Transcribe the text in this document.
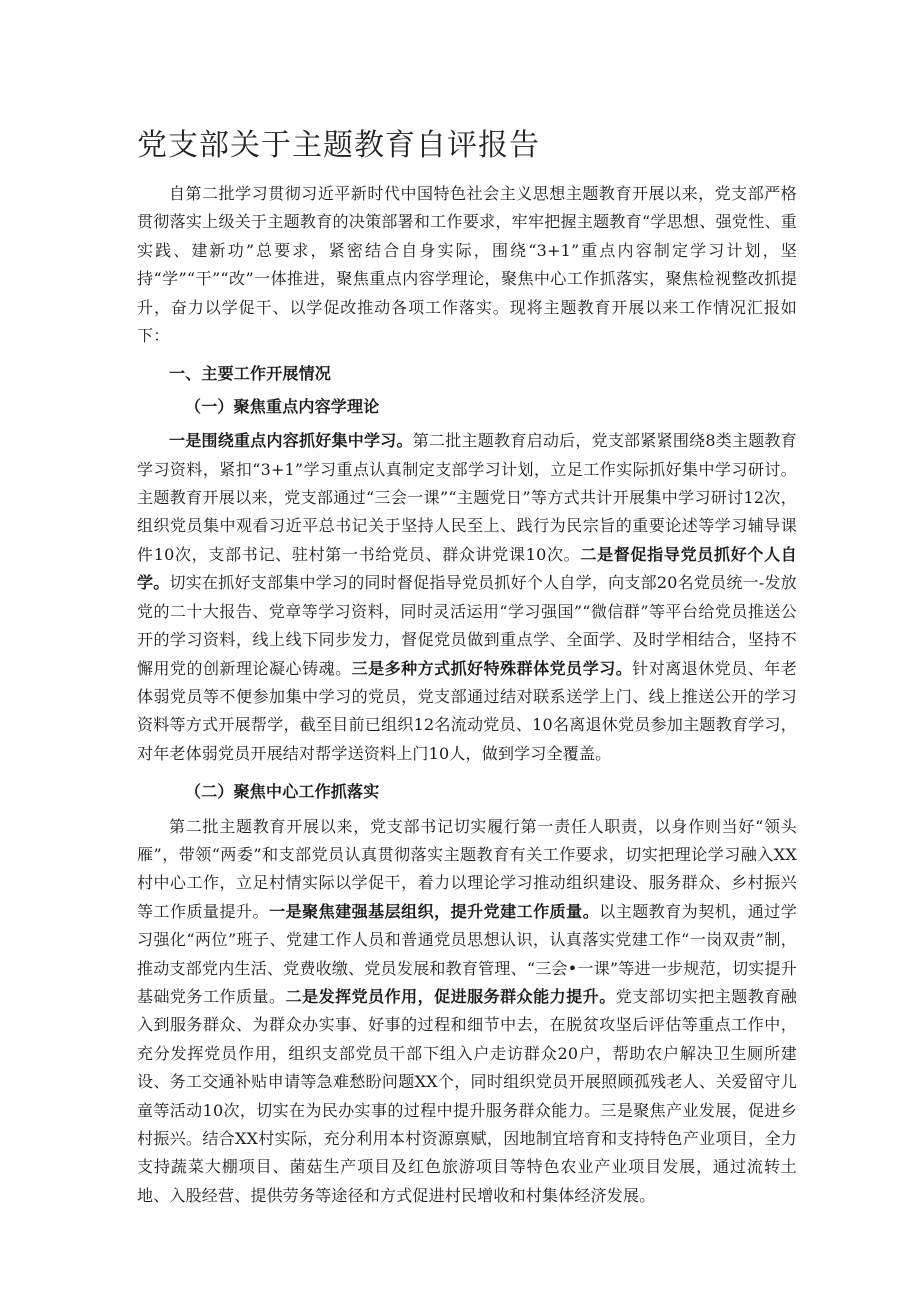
党支部关于主题教育自评报告

自第二批学习贯彻习近平新时代中国特色社会主义思想主题教育开展以来，党支部严格贯彻落实上级关于主题教育的决策部署和工作要求，牢牢把握主题教育“学思想、强党性、重实践、建新功”总要求，紧密结合自身实际，围绕“3+1”重点内容制定学习计划，坚持“学”“干”“改”一体推进，聚焦重点内容学理论，聚焦中心工作抓落实，聚焦检视整改抓提升，奋力以学促干、以学促改推动各项工作落实。现将主题教育开展以来工作情况汇报如下：

一、主要工作开展情况

（一）聚焦重点内容学理论

一是围绕重点内容抓好集中学习。第二批主题教育启动后，党支部紧紧围绕8类主题教育学习资料，紧扣“3+1”学习重点认真制定支部学习计划，立足工作实际抓好集中学习研讨。主题教育开展以来，党支部通过“三会一课”“主题党日”等方式共计开展集中学习研讨12次，组织党员集中观看习近平总书记关于坚持人民至上、践行为民宗旨的重要论述等学习辅导课件10次，支部书记、驻村第一书给党员、群众讲党课10次。二是督促指导党员抓好个人自学。切实在抓好支部集中学习的同时督促指导党员抓好个人自学，向支部20名党员统一-发放党的二十大报告、党章等学习资料，同时灵活运用“学习强国”“微信群”等平台给党员推送公开的学习资料，线上线下同步发力，督促党员做到重点学、全面学、及时学相结合，坚持不懈用党的创新理论凝心铸魂。三是多种方式抓好特殊群体党员学习。针对离退休党员、年老体弱党员等不便参加集中学习的党员，党支部通过结对联系送学上门、线上推送公开的学习资料等方式开展帮学，截至目前已组织12名流动党员、10名离退休党员参加主题教育学习，对年老体弱党员开展结对帮学送资料上门10人，做到学习全覆盖。

（二）聚焦中心工作抓落实

第二批主题教育开展以来，党支部书记切实履行第一责任人职责，以身作则当好“领头雁”，带领“两委”和支部党员认真贯彻落实主题教育有关工作要求，切实把理论学习融入XX村中心工作，立足村情实际以学促干，着力以理论学习推动组织建设、服务群众、乡村振兴等工作质量提升。一是聚焦建强基层组织，提升党建工作质量。以主题教育为契机，通过学习强化“两位”班子、党建工作人员和普通党员思想认识，认真落实党建工作“一岗双责”制，推动支部党内生活、党费收缴、党员发展和教育管理、“三会•一课”等进一步规范，切实提升基础党务工作质量。二是发挥党员作用，促进服务群众能力提升。党支部切实把主题教育融入到服务群众、为群众办实事、好事的过程和细节中去，在脱贫攻坚后评估等重点工作中，充分发挥党员作用，组织支部党员干部下组入户走访群众20户，帮助农户解决卫生厕所建设、务工交通补贴申请等急难愁盼问题XX个，同时组织党员开展照顾孤残老人、关爱留守儿童等活动10次，切实在为民办实事的过程中提升服务群众能力。三是聚焦产业发展，促进乡村振兴。结合XX村实际，充分利用本村资源禀赋，因地制宜培育和支持特色产业项目，全力支持蔬菜大棚项目、菌菇生产项目及红色旅游项目等特色农业产业项目发展，通过流转土地、入股经营、提供劳务等途径和方式促进村民增收和村集体经济发展。
